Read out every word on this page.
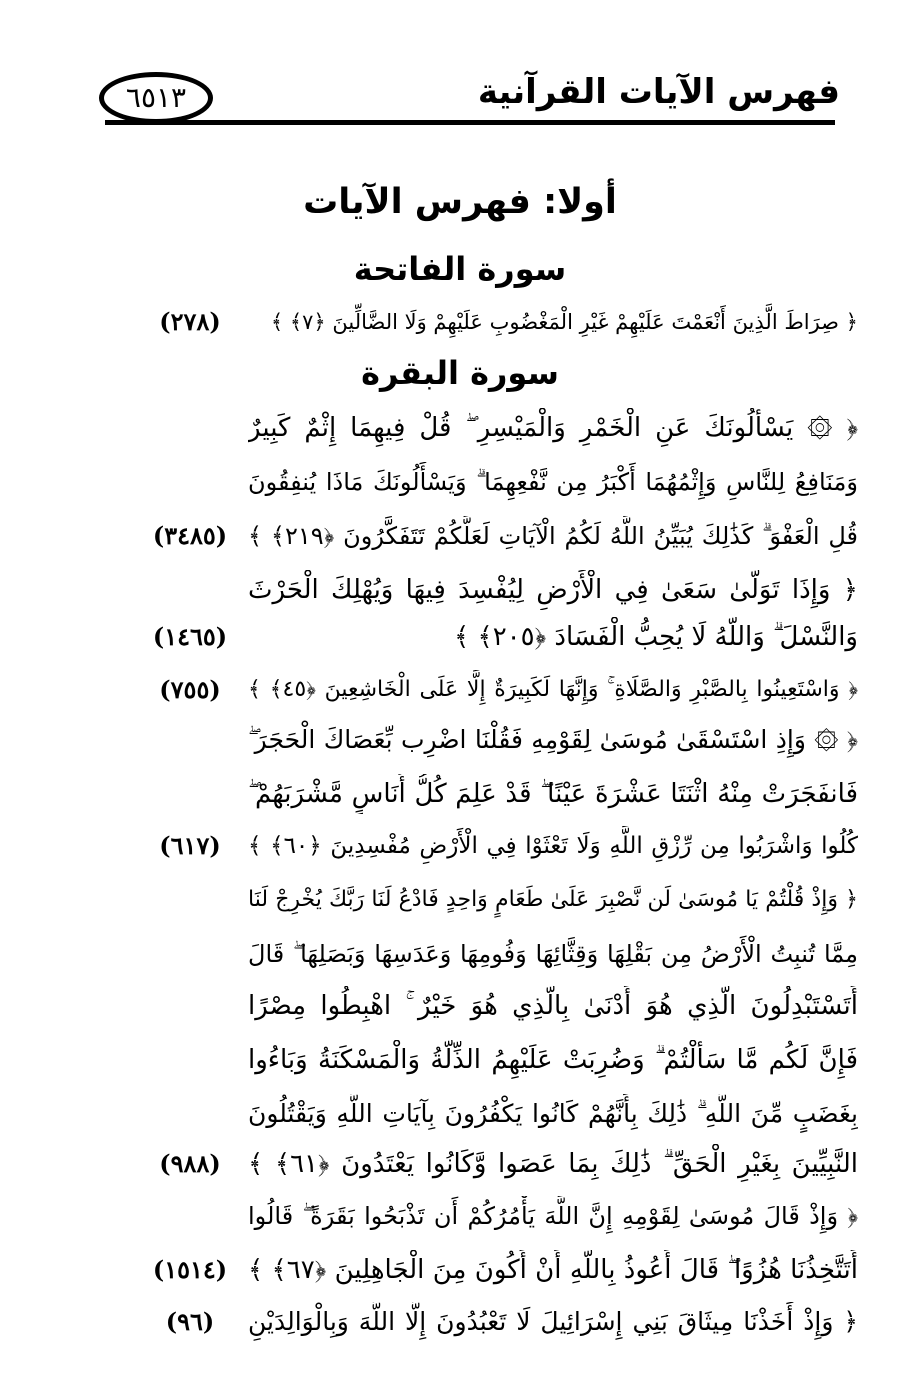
فهرس الآيات القرآنية
٦٥١٣
أولا: فهرس الآيات
سورة الفاتحة
سورة البقرة
﴿ صِرَاطَ الَّذِينَ أَنْعَمْتَ عَلَيْهِمْ غَيْرِ الْمَغْضُوبِ عَلَيْهِمْ وَلَا الضَّالِّينَ ﴿٧﴾ ﴾
﴿ ۞ يَسْأَلُونَكَ عَنِ الْخَمْرِ وَالْمَيْسِرِ ۖ قُلْ فِيهِمَا إِثْمٌ كَبِيرٌ
وَمَنَافِعُ لِلنَّاسِ وَإِثْمُهُمَا أَكْبَرُ مِن نَّفْعِهِمَا ۗ وَيَسْأَلُونَكَ مَاذَا يُنفِقُونَ
قُلِ الْعَفْوَ ۗ كَذَٰلِكَ يُبَيِّنُ اللَّهُ لَكُمُ الْآيَاتِ لَعَلَّكُمْ تَتَفَكَّرُونَ ﴿٢١٩﴾ ﴾
﴿ وَإِذَا تَوَلَّىٰ سَعَىٰ فِي الْأَرْضِ لِيُفْسِدَ فِيهَا وَيُهْلِكَ الْحَرْثَ
وَالنَّسْلَ ۗ وَاللَّهُ لَا يُحِبُّ الْفَسَادَ ﴿٢٠٥﴾ ﴾
﴿ وَاسْتَعِينُوا بِالصَّبْرِ وَالصَّلَاةِ ۚ وَإِنَّهَا لَكَبِيرَةٌ إِلَّا عَلَى الْخَاشِعِينَ ﴿٤٥﴾ ﴾
﴿ ۞ وَإِذِ اسْتَسْقَىٰ مُوسَىٰ لِقَوْمِهِ فَقُلْنَا اضْرِب بِّعَصَاكَ الْحَجَرَ ۖ
فَانفَجَرَتْ مِنْهُ اثْنَتَا عَشْرَةَ عَيْنًا ۖ قَدْ عَلِمَ كُلُّ أُنَاسٍ مَّشْرَبَهُمْ ۖ
كُلُوا وَاشْرَبُوا مِن رِّزْقِ اللَّهِ وَلَا تَعْثَوْا فِي الْأَرْضِ مُفْسِدِينَ ﴿٦٠﴾ ﴾
﴿ وَإِذْ قُلْتُمْ يَا مُوسَىٰ لَن نَّصْبِرَ عَلَىٰ طَعَامٍ وَاحِدٍ فَادْعُ لَنَا رَبَّكَ يُخْرِجْ لَنَا
مِمَّا تُنبِتُ الْأَرْضُ مِن بَقْلِهَا وَقِثَّائِهَا وَفُومِهَا وَعَدَسِهَا وَبَصَلِهَا ۖ قَالَ
أَتَسْتَبْدِلُونَ الَّذِي هُوَ أَدْنَىٰ بِالَّذِي هُوَ خَيْرٌ ۚ اهْبِطُوا مِصْرًا
فَإِنَّ لَكُم مَّا سَأَلْتُمْ ۗ وَضُرِبَتْ عَلَيْهِمُ الذِّلَّةُ وَالْمَسْكَنَةُ وَبَاءُوا
بِغَضَبٍ مِّنَ اللَّهِ ۗ ذَٰلِكَ بِأَنَّهُمْ كَانُوا يَكْفُرُونَ بِآيَاتِ اللَّهِ وَيَقْتُلُونَ
النَّبِيِّينَ بِغَيْرِ الْحَقِّ ۗ ذَٰلِكَ بِمَا عَصَوا وَّكَانُوا يَعْتَدُونَ ﴿٦١﴾ ﴾
﴿ وَإِذْ قَالَ مُوسَىٰ لِقَوْمِهِ إِنَّ اللَّهَ يَأْمُرُكُمْ أَن تَذْبَحُوا بَقَرَةً ۖ قَالُوا
أَتَتَّخِذُنَا هُزُوًا ۖ قَالَ أَعُوذُ بِاللَّهِ أَنْ أَكُونَ مِنَ الْجَاهِلِينَ ﴿٦٧﴾ ﴾
﴿ وَإِذْ أَخَذْنَا مِيثَاقَ بَنِي إِسْرَائِيلَ لَا تَعْبُدُونَ إِلَّا اللَّهَ وَبِالْوَالِدَيْنِ
(٢٧٨)
(٣٤٨٥)
(١٤٦٥)
(٧٥٥)
(٦١٧)
(٩٨٨)
(١٥١٤)
(٩٦)
